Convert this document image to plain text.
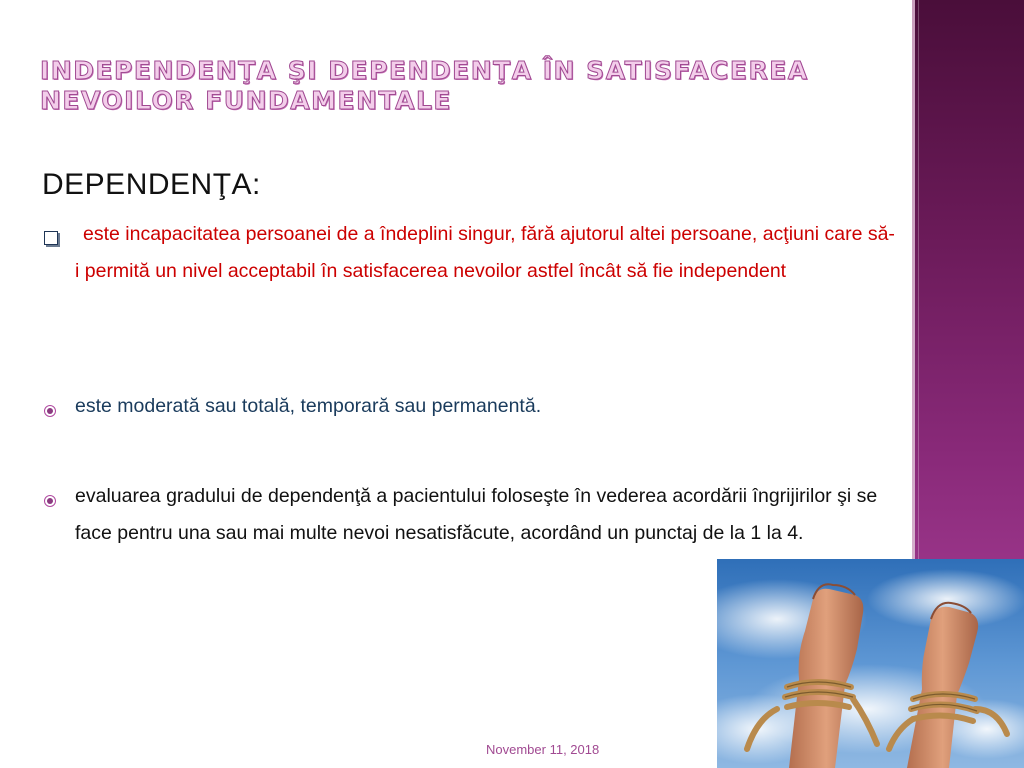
INDEPENDENŢA ŞI DEPENDENŢA ÎN SATISFACEREA NEVOILOR FUNDAMENTALE
DEPENDENŢA:
este incapacitatea persoanei de a îndeplini singur, fără ajutorul altei persoane, acţiuni care să-i permită un nivel acceptabil în satisfacerea nevoilor astfel încât să fie independent
este moderată sau totală, temporară sau permanentă.
evaluarea gradului de dependenţă a pacientului foloseşte în vederea acordării îngrijirilor şi se face pentru una sau mai multe nevoi nesatisfăcute, acordând un punctaj de la 1 la 4.
November 11, 2018
